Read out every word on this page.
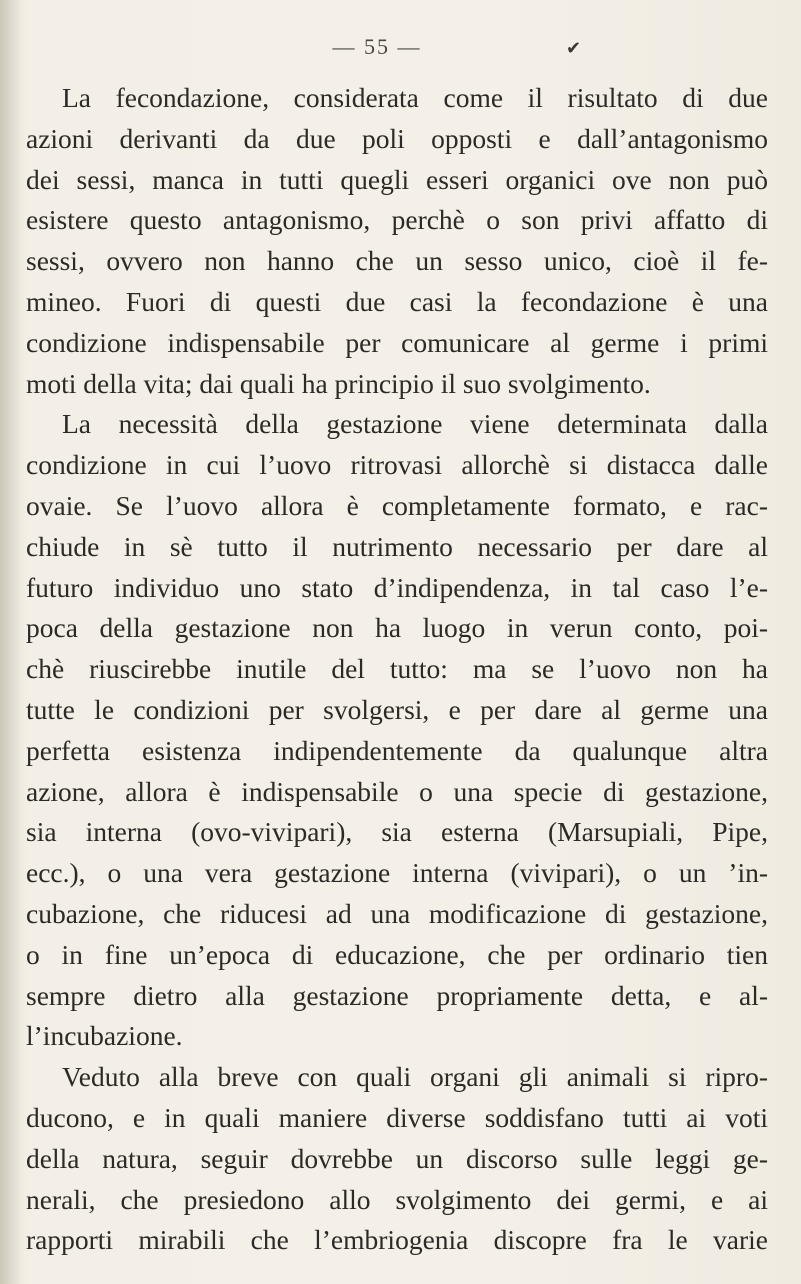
— 55 —	✔
La fecondazione, considerata come il risultato di due
azioni derivanti da due poli opposti e dall’antagonismo
dei sessi, manca in tutti quegli esseri organici ove non può
esistere questo antagonismo, perchè o son privi affatto di
sessi, ovvero non hanno che un sesso unico, cioè il fe-
mineo. Fuori di questi due casi la fecondazione è una
condizione indispensabile per comunicare al germe i primi
moti della vita; dai quali ha principio il suo svolgimento.
La necessità della gestazione viene determinata dalla
condizione in cui l’uovo ritrovasi allorchè si distacca dalle
ovaie. Se l’uovo allora è completamente formato, e rac-
chiude in sè tutto il nutrimento necessario per dare al
futuro individuo uno stato d’indipendenza, in tal caso l’e-
poca della gestazione non ha luogo in verun conto, poi-
chè riuscirebbe inutile del tutto: ma se l’uovo non ha
tutte le condizioni per svolgersi, e per dare al germe una
perfetta esistenza indipendentemente da qualunque altra
azione, allora è indispensabile o una specie di gestazione,
sia interna (ovo-vivipari), sia esterna (Marsupiali, Pipe,
ecc.), o una vera gestazione interna (vivipari), o un ’in-
cubazione, che riducesi ad una modificazione di gestazione,
o in fine un’epoca di educazione, che per ordinario tien
sempre dietro alla gestazione propriamente detta, e al-
l’incubazione.
Veduto alla breve con quali organi gli animali si ripro-
ducono, e in quali maniere diverse soddisfano tutti ai voti
della natura, seguir dovrebbe un discorso sulle leggi ge-
nerali, che presiedono allo svolgimento dei germi, e ai
rapporti mirabili che l’embriogenia discopre fra le varie
